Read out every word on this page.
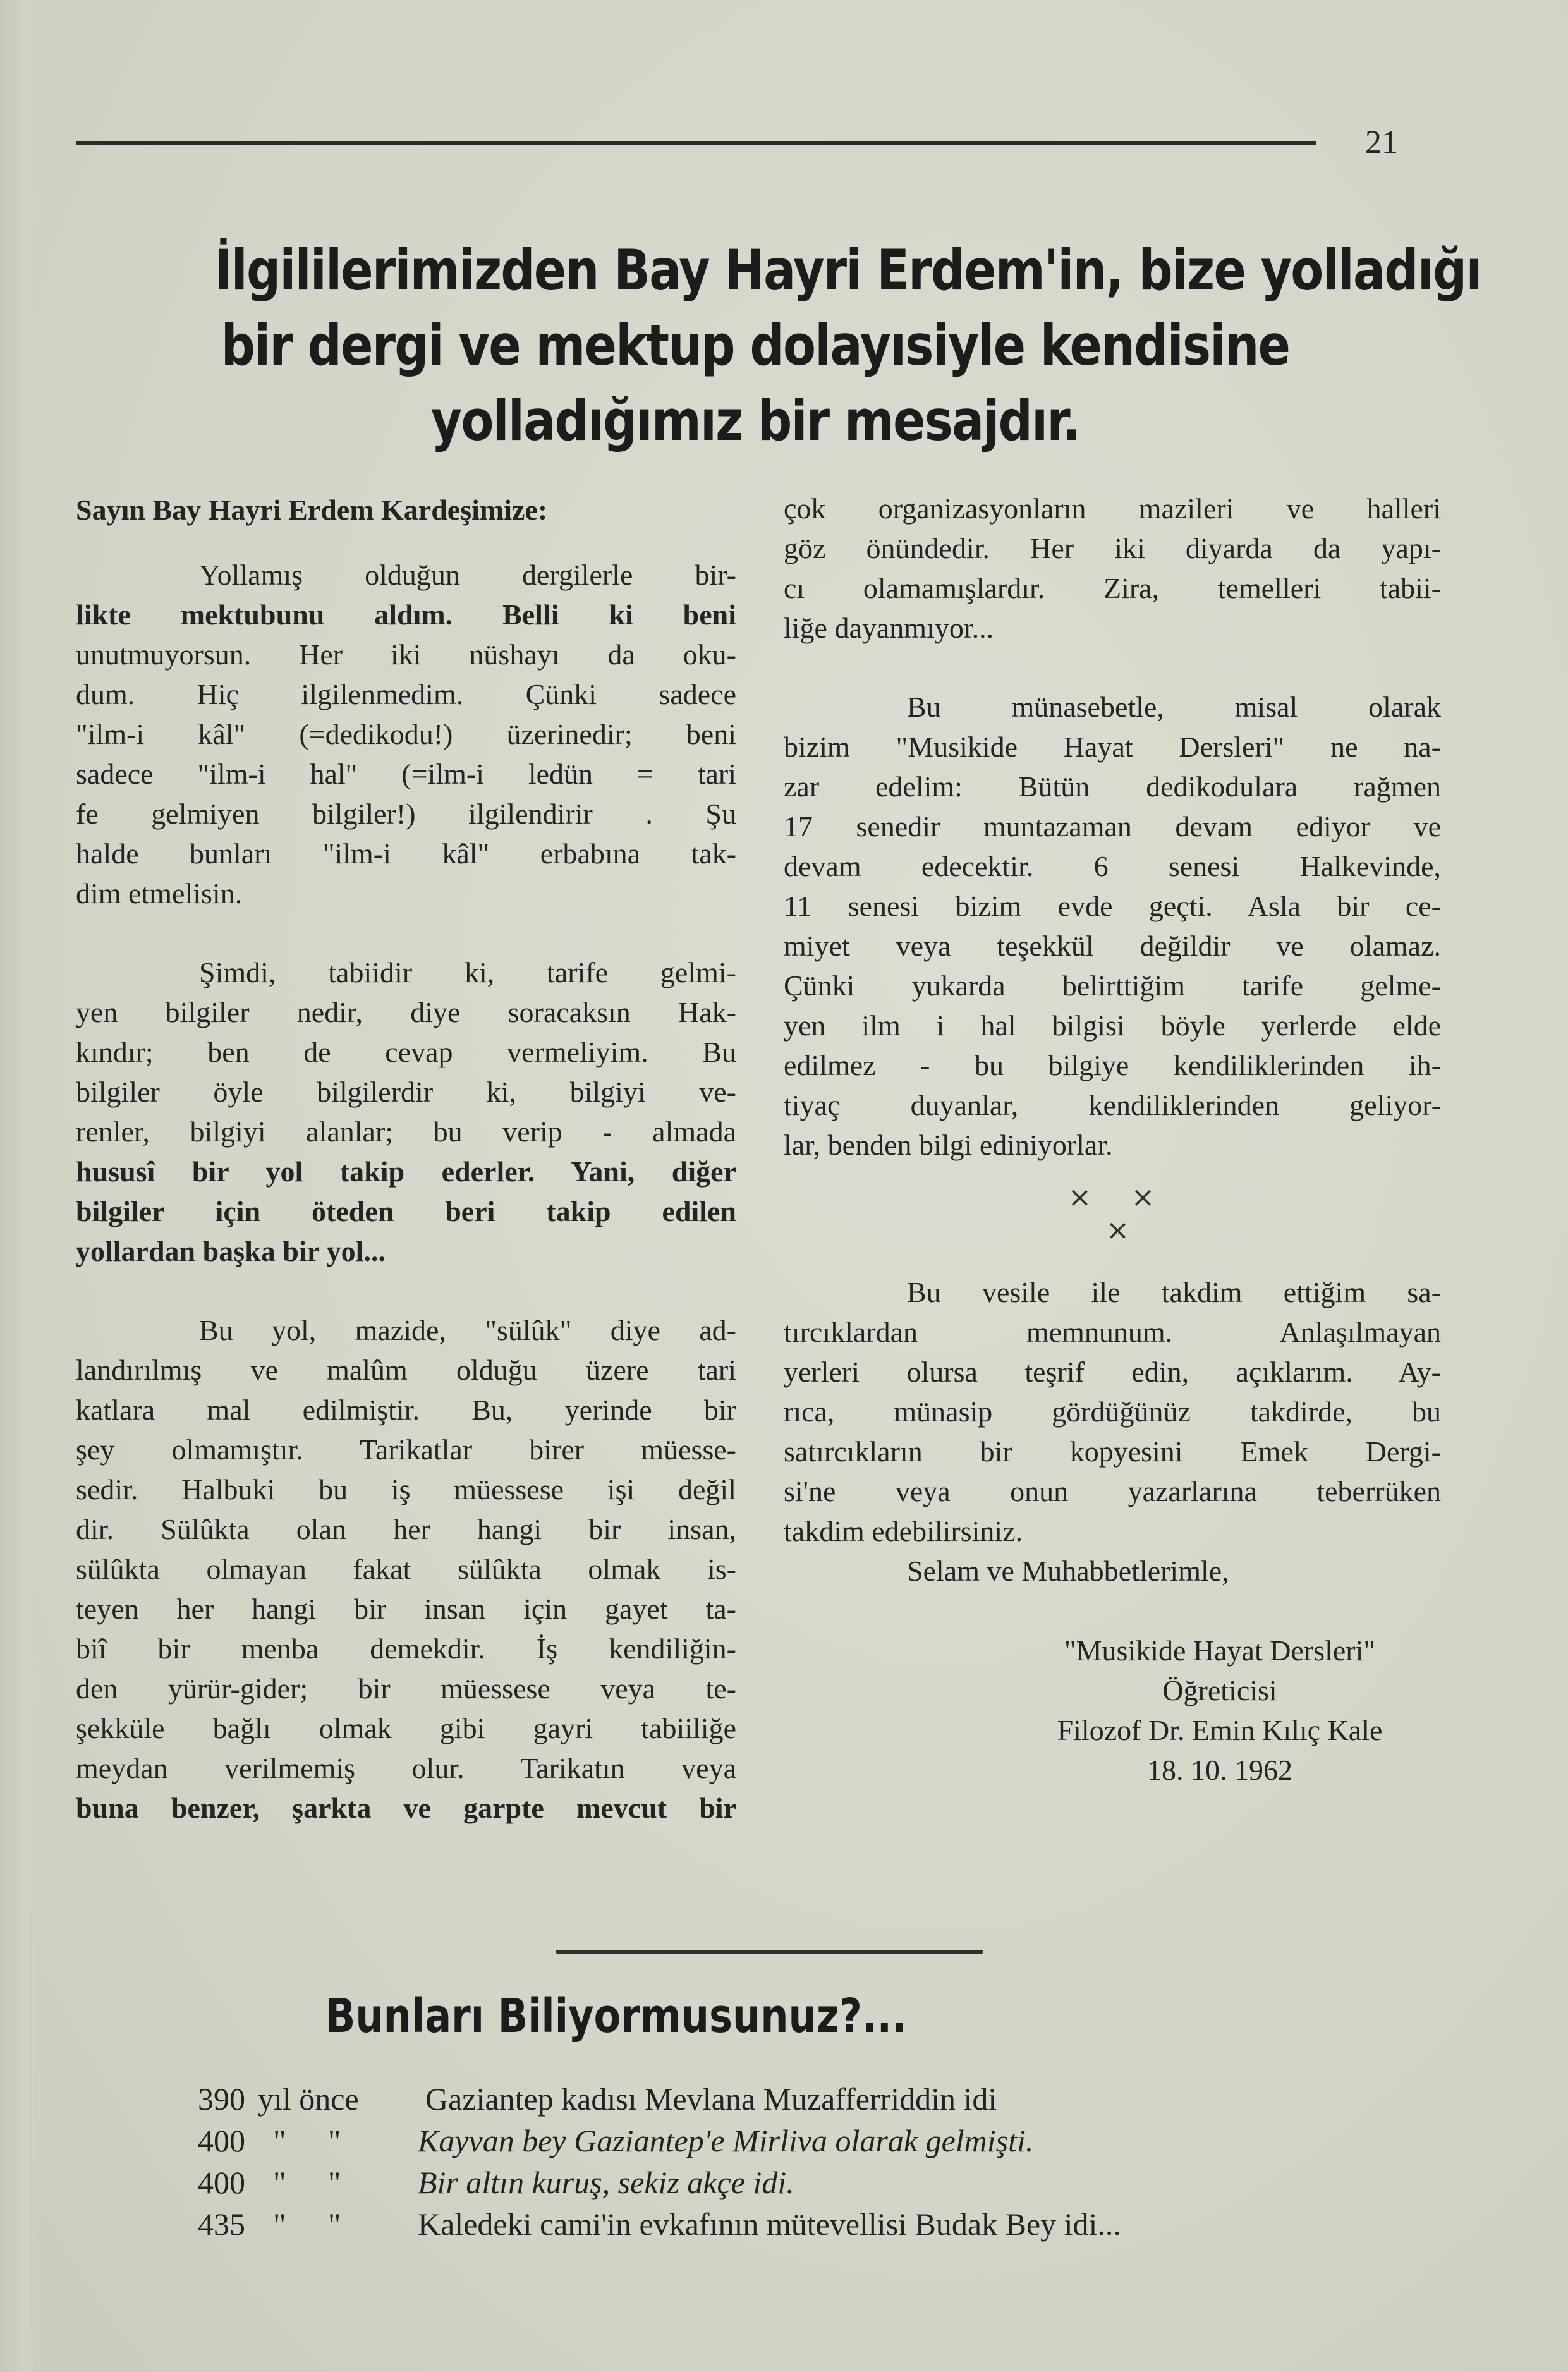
21
İlgililerimizden Bay Hayri Erdem'in, bize yolladığı
bir dergi ve mektup dolayısiyle kendisine
yolladığımız bir mesajdır.
Sayın Bay Hayri Erdem Kardeşimize:
Yollamış olduğun dergilerle bir-
likte mektubunu aldım. Belli ki beni
unutmuyorsun. Her iki nüshayı da oku-
dum. Hiç ilgilenmedim. Çünki sadece
"ilm-i kâl" (=dedikodu!) üzerinedir; beni
sadece "ilm-i hal" (=ilm-i ledün = tari
fe gelmiyen bilgiler!) ilgilendirir . Şu
halde bunları "ilm-i kâl" erbabına tak-
dim etmelisin.
Şimdi, tabiidir ki, tarife gelmi-
yen bilgiler nedir, diye soracaksın Hak-
kındır; ben de cevap vermeliyim. Bu
bilgiler öyle bilgilerdir ki, bilgiyi ve-
renler, bilgiyi alanlar; bu verip - almada
hususî bir yol takip ederler. Yani, diğer
bilgiler için öteden beri takip edilen
yollardan başka bir yol...
Bu yol, mazide, "sülûk" diye ad-
landırılmış ve malûm olduğu üzere tari
katlara mal edilmiştir. Bu, yerinde bir
şey olmamıştır. Tarikatlar birer müesse-
sedir. Halbuki bu iş müessese işi değil
dir. Sülûkta olan her hangi bir insan,
sülûkta olmayan fakat sülûkta olmak is-
teyen her hangi bir insan için gayet ta-
biî bir menba demekdir. İş kendiliğin-
den yürür-gider; bir müessese veya te-
şekküle bağlı olmak gibi gayri tabiiliğe
meydan verilmemiş olur. Tarikatın veya
buna benzer, şarkta ve garpte mevcut bir
çok organizasyonların mazileri ve halleri
göz önündedir. Her iki diyarda da yapı-
cı olamamışlardır. Zira, temelleri tabii-
liğe dayanmıyor...
Bu münasebetle, misal olarak
bizim "Musikide Hayat Dersleri" ne na-
zar edelim: Bütün dedikodulara rağmen
17 senedir muntazaman devam ediyor ve
devam edecektir. 6 senesi Halkevinde,
11 senesi bizim evde geçti. Asla bir ce-
miyet veya teşekkül değildir ve olamaz.
Çünki yukarda belirttiğim tarife gelme-
yen ilm i hal bilgisi böyle yerlerde elde
edilmez - bu bilgiye kendiliklerinden ih-
tiyaç duyanlar, kendiliklerinden geliyor-
lar, benden bilgi ediniyorlar.
× ×
×
Bu vesile ile takdim ettiğim sa-
tırcıklardan memnunum. Anlaşılmayan
yerleri olursa teşrif edin, açıklarım. Ay-
rıca, münasip gördüğünüz takdirde, bu
satırcıkların bir kopyesini Emek Dergi-
si'ne veya onun yazarlarına teberrüken
takdim edebilirsiniz.
Selam ve Muhabbetlerimle,
"Musikide Hayat Dersleri"
Öğreticisi
Filozof Dr. Emin Kılıç Kale
18. 10. 1962
Bunları Biliyormusunuz?...
390 yıl önce	Gaziantep kadısı Mevlana Muzafferriddin idi
400 "	"	Kayvan bey Gaziantep'e Mirliva olarak gelmişti.
400 "	"	Bir altın kuruş, sekiz akçe idi.
435 "	"	Kaledeki cami'in evkafının mütevellisi Budak Bey idi...
